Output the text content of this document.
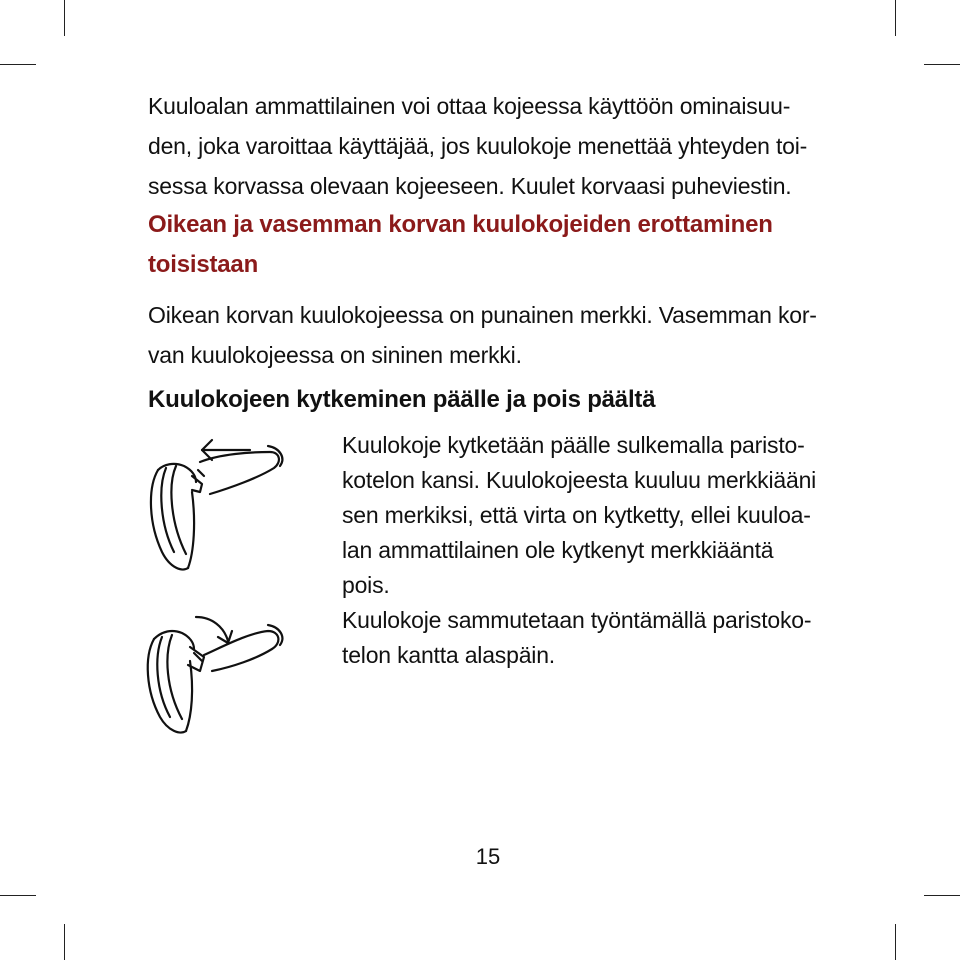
Kuuloalan ammattilainen voi ottaa kojeessa käyttöön ominaisuu-
den, joka varoittaa käyttäjää, jos kuulokoje menettää yhteyden toi-
sessa korvassa olevaan kojeeseen. Kuulet korvaasi puheviestin.

Oikean ja vasemman korvan kuulokojeiden erottaminen
toisistaan

Oikean korvan kuulokojeessa on punainen merkki. Vasemman kor-
van kuulokojeessa on sininen merkki.

Kuulokojeen kytkeminen päälle ja pois päältä

Kuulokoje kytketään päälle sulkemalla paristo-
kotelon kansi. Kuulokojeesta kuuluu merkkiääni
sen merkiksi, että virta on kytketty, ellei kuuloa-
lan ammattilainen ole kytkenyt merkkiääntä
pois.
Kuulokoje sammutetaan työntämällä paristoko-
telon kantta alaspäin.

15
